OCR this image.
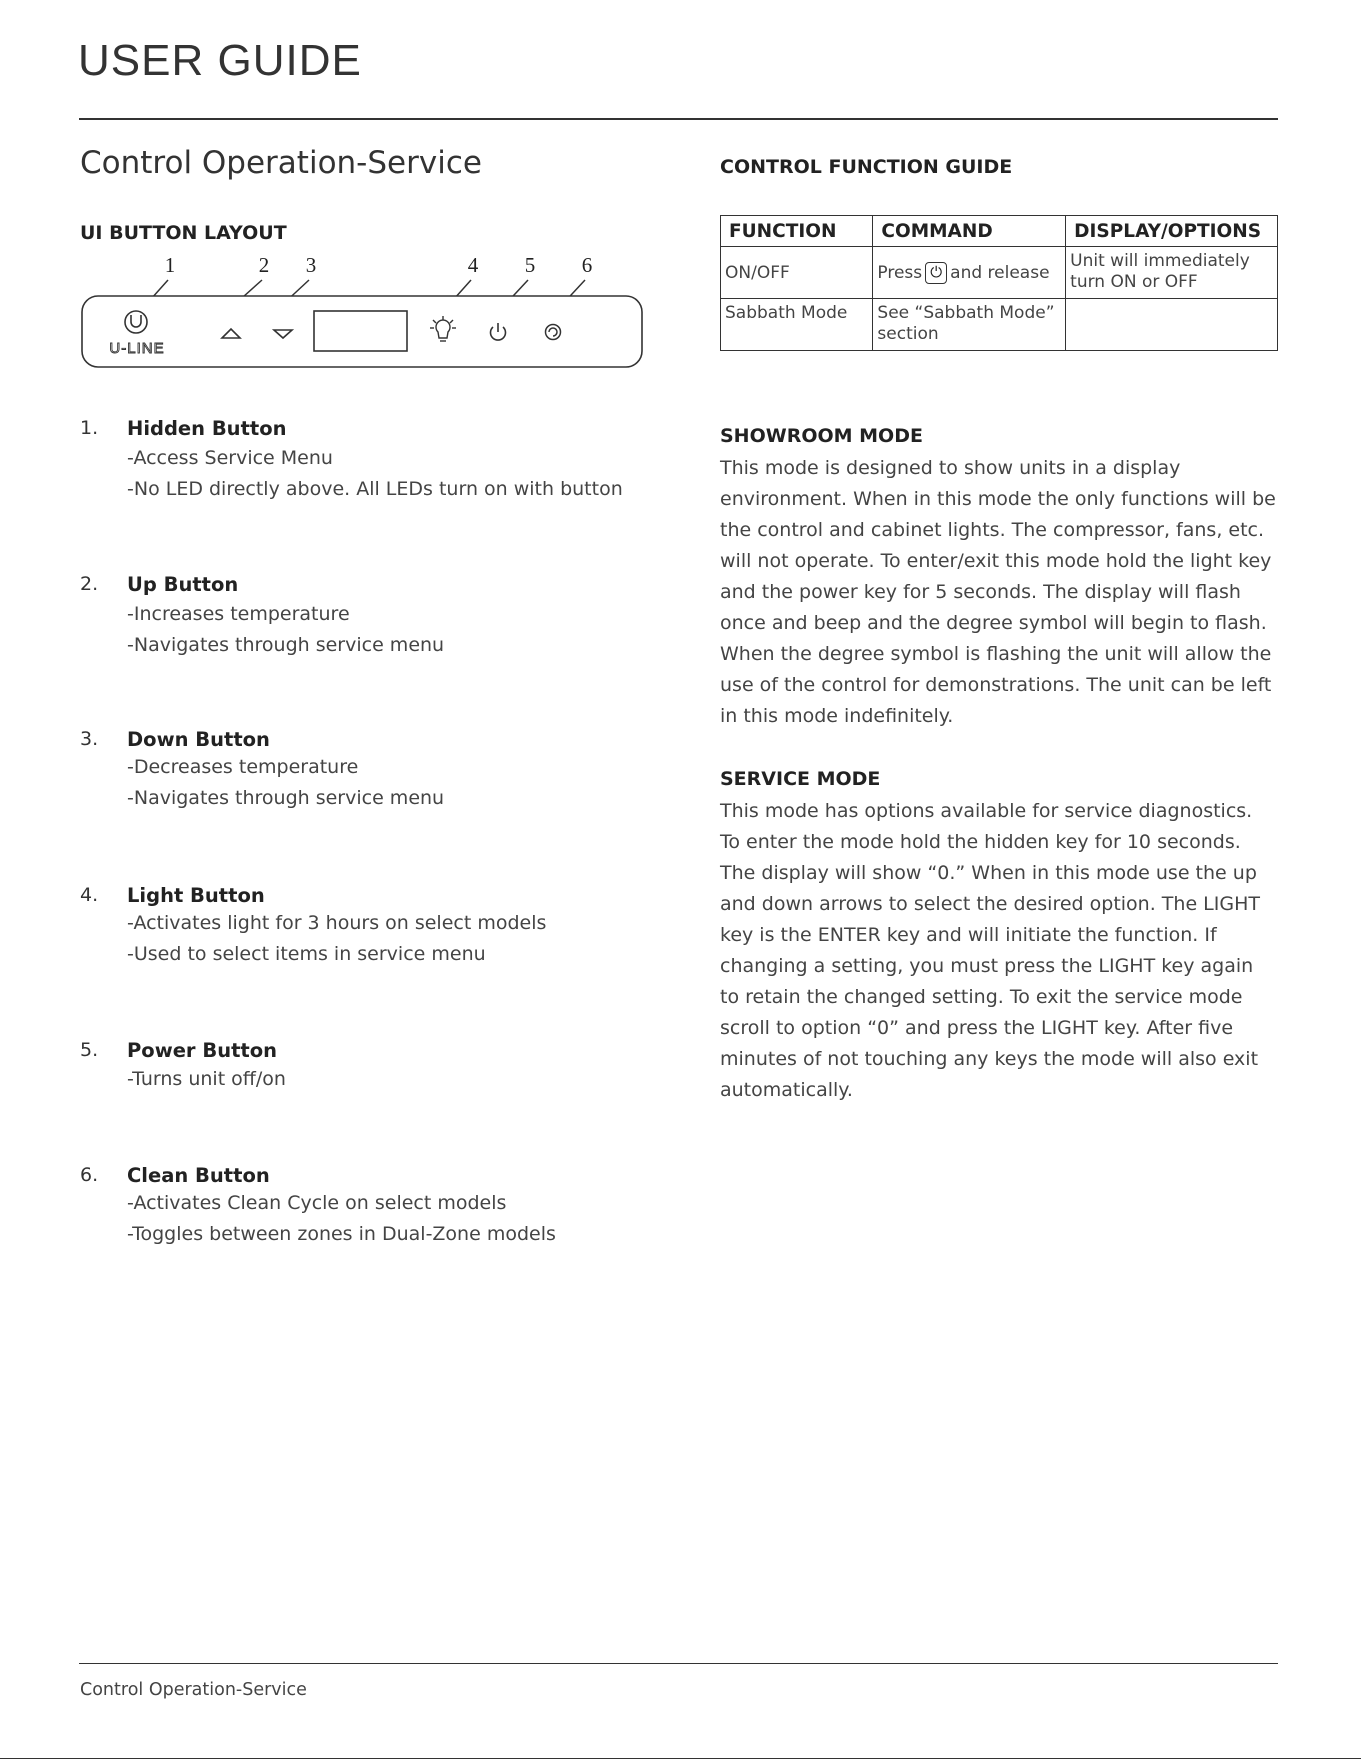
USER GUIDE
Control Operation-Service
UI BUTTON LAYOUT
1	2 3	4 5 6
U-LINE
1. Hidden Button
-Access Service Menu
-No LED directly above. All LEDs turn on with button
2. Up Button
-Increases temperature
-Navigates through service menu
3. Down Button
-Decreases temperature
-Navigates through service menu
4. Light Button
-Activates light for 3 hours on select models
-Used to select items in service menu
5. Power Button
-Turns unit off/on
6. Clean Button
-Activates Clean Cycle on select models
-Toggles between zones in Dual-Zone models
CONTROL FUNCTION GUIDE
FUNCTION	COMMAND	DISPLAY/OPTIONS
ON/OFF	Press ⏻ and release	Unit will immediately turn ON or OFF
Sabbath Mode	See “Sabbath Mode” section	
SHOWROOM MODE
This mode is designed to show units in a display
environment. When in this mode the only functions will be
the control and cabinet lights. The compressor, fans, etc.
will not operate. To enter/exit this mode hold the light key
and the power key for 5 seconds. The display will flash
once and beep and the degree symbol will begin to flash.
When the degree symbol is flashing the unit will allow the
use of the control for demonstrations. The unit can be left
in this mode indefinitely.
SERVICE MODE
This mode has options available for service diagnostics.
To enter the mode hold the hidden key for 10 seconds.
The display will show “0.” When in this mode use the up
and down arrows to select the desired option. The LIGHT
key is the ENTER key and will initiate the function. If
changing a setting, you must press the LIGHT key again
to retain the changed setting. To exit the service mode
scroll to option “0” and press the LIGHT key. After five
minutes of not touching any keys the mode will also exit
automatically.
Control Operation-Service
